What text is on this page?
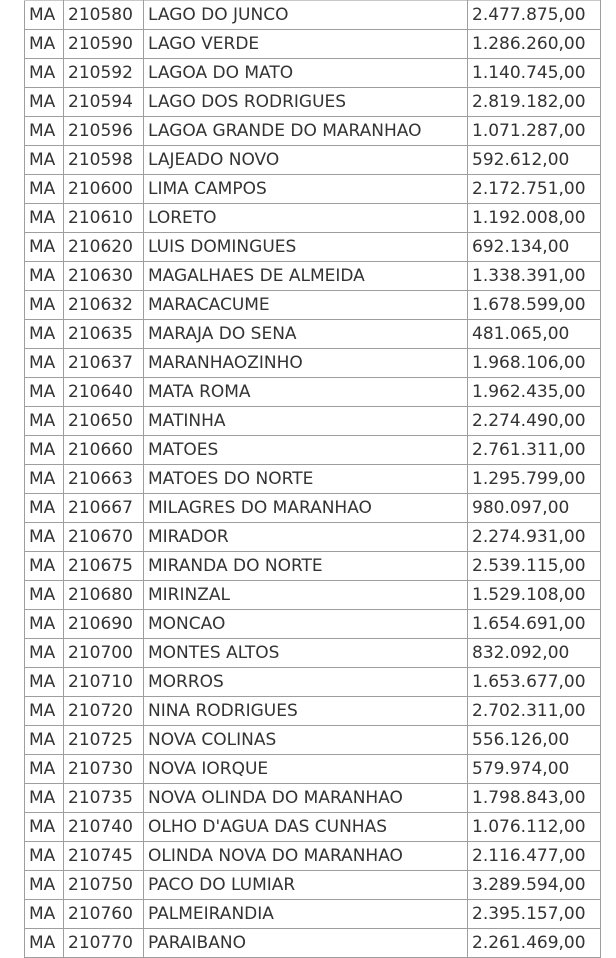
MA	210580	LAGO DO JUNCO	2.477.875,00
MA	210590	LAGO VERDE	1.286.260,00
MA	210592	LAGOA DO MATO	1.140.745,00
MA	210594	LAGO DOS RODRIGUES	2.819.182,00
MA	210596	LAGOA GRANDE DO MARANHAO	1.071.287,00
MA	210598	LAJEADO NOVO	592.612,00
MA	210600	LIMA CAMPOS	2.172.751,00
MA	210610	LORETO	1.192.008,00
MA	210620	LUIS DOMINGUES	692.134,00
MA	210630	MAGALHAES DE ALMEIDA	1.338.391,00
MA	210632	MARACACUME	1.678.599,00
MA	210635	MARAJA DO SENA	481.065,00
MA	210637	MARANHAOZINHO	1.968.106,00
MA	210640	MATA ROMA	1.962.435,00
MA	210650	MATINHA	2.274.490,00
MA	210660	MATOES	2.761.311,00
MA	210663	MATOES DO NORTE	1.295.799,00
MA	210667	MILAGRES DO MARANHAO	980.097,00
MA	210670	MIRADOR	2.274.931,00
MA	210675	MIRANDA DO NORTE	2.539.115,00
MA	210680	MIRINZAL	1.529.108,00
MA	210690	MONCAO	1.654.691,00
MA	210700	MONTES ALTOS	832.092,00
MA	210710	MORROS	1.653.677,00
MA	210720	NINA RODRIGUES	2.702.311,00
MA	210725	NOVA COLINAS	556.126,00
MA	210730	NOVA IORQUE	579.974,00
MA	210735	NOVA OLINDA DO MARANHAO	1.798.843,00
MA	210740	OLHO D'AGUA DAS CUNHAS	1.076.112,00
MA	210745	OLINDA NOVA DO MARANHAO	2.116.477,00
MA	210750	PACO DO LUMIAR	3.289.594,00
MA	210760	PALMEIRANDIA	2.395.157,00
MA	210770	PARAIBANO	2.261.469,00
